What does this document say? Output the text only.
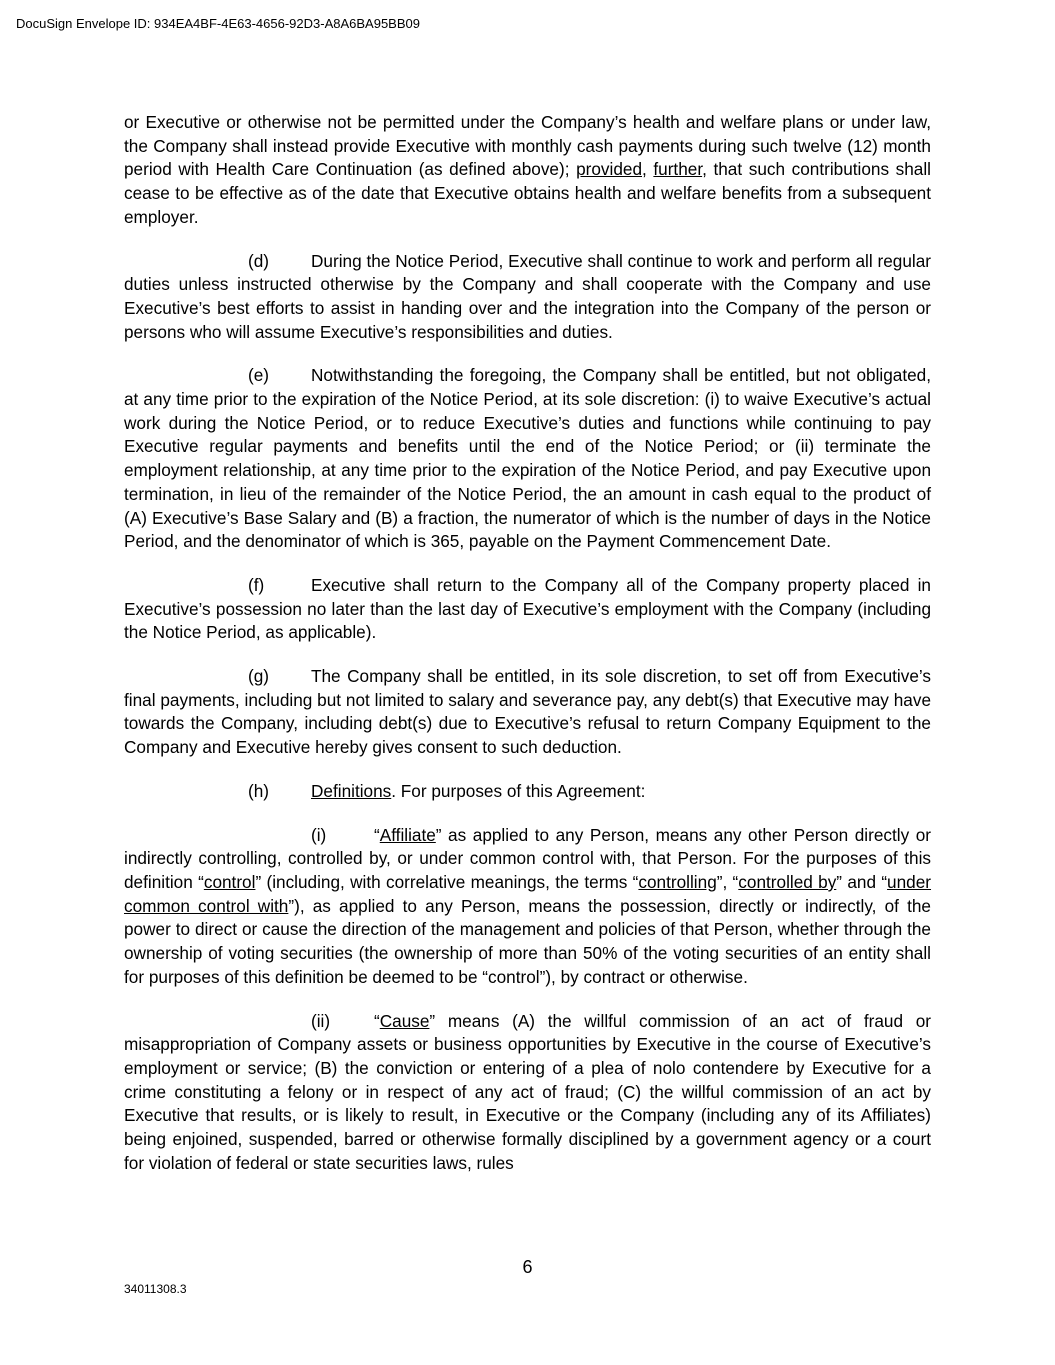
DocuSign Envelope ID: 934EA4BF-4E63-4656-92D3-A8A6BA95BB09

or Executive or otherwise not be permitted under the Company’s health and welfare plans or under law, the Company shall instead provide Executive with monthly cash payments during such twelve (12) month period with Health Care Continuation (as defined above); provided, further, that such contributions shall cease to be effective as of the date that Executive obtains health and welfare benefits from a subsequent employer.

(d) During the Notice Period, Executive shall continue to work and perform all regular duties unless instructed otherwise by the Company and shall cooperate with the Company and use Executive’s best efforts to assist in handing over and the integration into the Company of the person or persons who will assume Executive’s responsibilities and duties.

(e) Notwithstanding the foregoing, the Company shall be entitled, but not obligated, at any time prior to the expiration of the Notice Period, at its sole discretion: (i) to waive Executive’s actual work during the Notice Period, or to reduce Executive’s duties and functions while continuing to pay Executive regular payments and benefits until the end of the Notice Period; or (ii) terminate the employment relationship, at any time prior to the expiration of the Notice Period, and pay Executive upon termination, in lieu of the remainder of the Notice Period, the an amount in cash equal to the product of (A) Executive’s Base Salary and (B) a fraction, the numerator of which is the number of days in the Notice Period, and the denominator of which is 365, payable on the Payment Commencement Date.

(f)	Executive shall return to the Company all of the Company property placed in Executive’s possession no later than the last day of Executive’s employment with the Company (including the Notice Period, as applicable).

(g) The Company shall be entitled, in its sole discretion, to set off from Executive’s final payments, including but not limited to salary and severance pay, any debt(s) that Executive may have towards the Company, including debt(s) due to Executive’s refusal to return Company Equipment to the Company and Executive hereby gives consent to such deduction.

(h) Definitions. For purposes of this Agreement:

(i)	“Affiliate” as applied to any Person, means any other Person directly or indirectly controlling, controlled by, or under common control with, that Person. For the purposes of this definition “control” (including, with correlative meanings, the terms “controlling”, “controlled by” and “under common control with”), as applied to any Person, means the possession, directly or indirectly, of the power to direct or cause the direction of the management and policies of that Person, whether through the ownership of voting securities (the ownership of more than 50% of the voting securities of an entity shall for purposes of this definition be deemed to be “control”), by contract or otherwise.

(ii)	“Cause” means (A) the willful commission of an act of fraud or misappropriation of Company assets or business opportunities by Executive in the course of Executive’s employment or service; (B) the conviction or entering of a plea of nolo contendere by Executive for a crime constituting a felony or in respect of any act of fraud; (C) the willful commission of an act by Executive that results, or is likely to result, in Executive or the Company (including any of its Affiliates) being enjoined, suspended, barred or otherwise formally disciplined by a government agency or a court for violation of federal or state securities laws, rules

6
34011308.3
